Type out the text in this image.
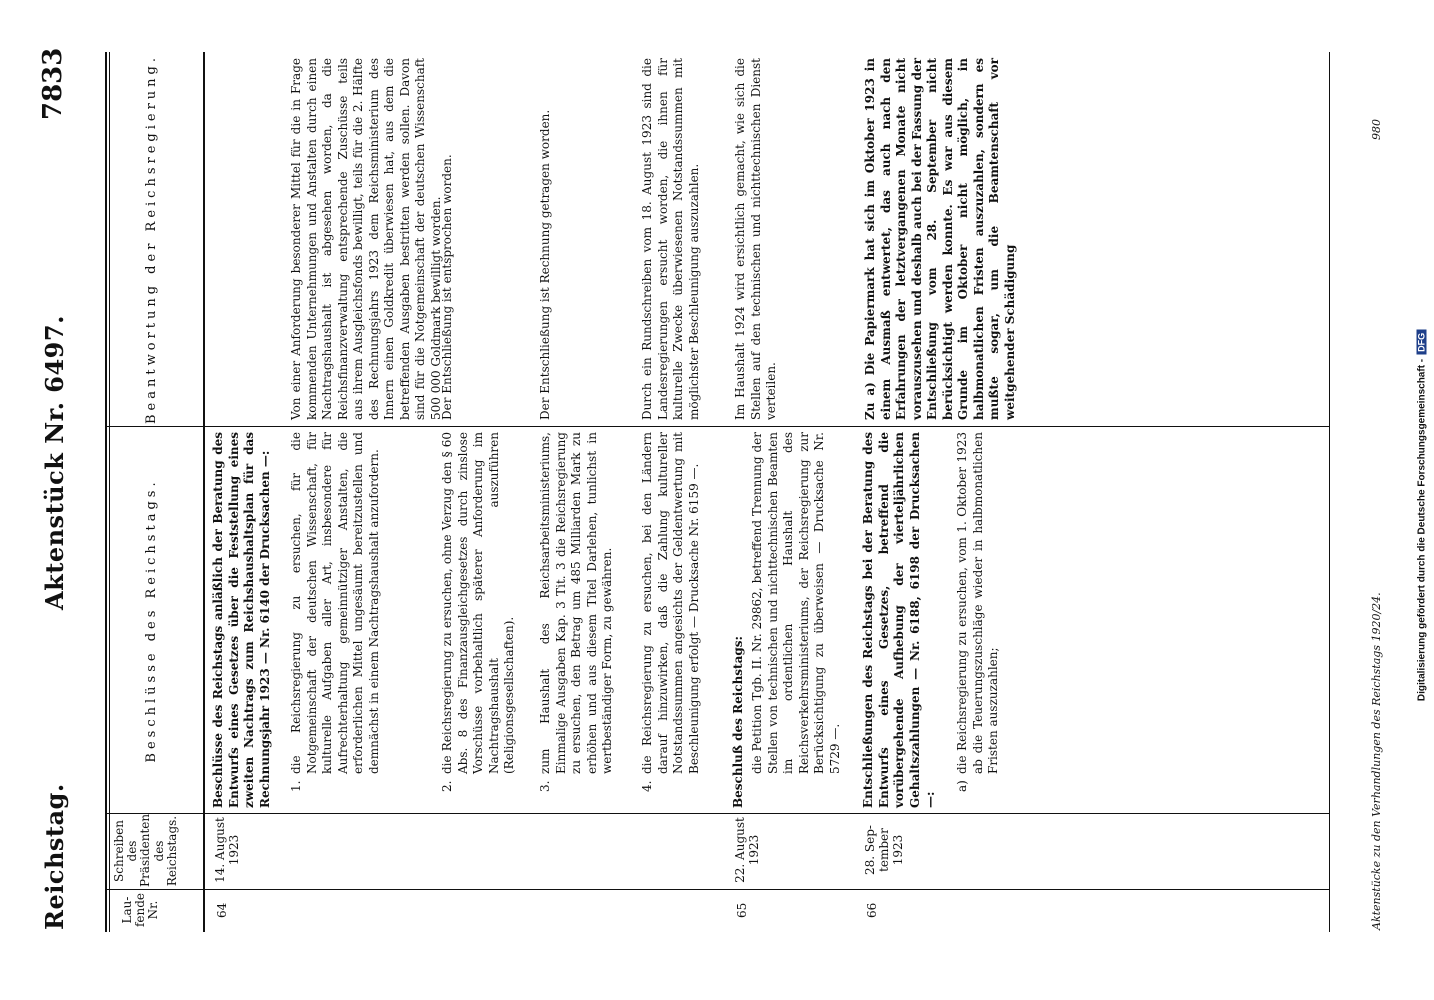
Reichstag.
Aktenstück Nr. 6497.
7833
Lau-
fende
Nr.
Schreiben
des
Präsidenten
des
Reichstags.
Beschlüsse des Reichstags.
Beantwortung der Reichsregierung.
64
14. August
1923
Beschlüsse des Reichstags anläßlich der Beratung des Entwurfs eines Gesetzes über die Feststellung eines zweiten Nachtrags zum Reichshaushaltsplan für das Rechnungsjahr 1923 — Nr. 6140 der Drucksachen —: 1.
die Reichsregierung zu ersuchen, für die Notgemeinschaft der deutschen Wissenschaft, für kulturelle Aufgaben aller Art, insbesondere für Aufrechterhaltung gemeinnütziger Anstalten, die erforderlichen Mittel ungesäumt bereitzustellen und demnächst in einem Nachtragshaushalt anzufordern.
Von einer Anforderung besonderer Mittel für die in Frage kommenden Unternehmungen und Anstalten durch einen Nachtragshaushalt ist abgesehen worden, da die Reichsfinanzverwaltung entsprechende Zuschüsse teils aus ihrem Ausgleichsfonds bewilligt, teils für die 2. Hälfte des Rechnungsjahrs 1923 dem Reichsministerium des Innern einen Goldkredit überwiesen hat, aus dem die betreffenden Ausgaben bestritten werden sollen. Davon sind für die Notgemeinschaft der deutschen Wissenschaft 500 000 Goldmark bewilligt worden.
2.
die Reichsregierung zu ersuchen, ohne Verzug den § 60 Abs. 8 des Finanzausgleichgesetzes durch zinslose Vorschüsse vorbehaltlich späterer Anforderung im Nachtragshaushalt auszuführen (Religionsgesellschaften).
Der Entschließung ist entsprochen worden.
3.
zum Haushalt des Reichsarbeitsministeriums, Einmalige Ausgaben Kap. 3 Tit. 3 die Reichsregierung zu ersuchen, den Betrag um 485 Milliarden Mark zu erhöhen und aus diesem Titel Darlehen, tunlichst in wertbeständiger Form, zu gewähren.
Der Entschließung ist Rechnung getragen worden.
4.
die Reichsregierung zu ersuchen, bei den Ländern darauf hinzuwirken, daß die Zahlung kultureller Notstandssummen angesichts der Geldentwertung mit Beschleunigung erfolgt — Drucksache Nr. 6159 —.
Durch ein Rundschreiben vom 18. August 1923 sind die Landesregierungen ersucht worden, die ihnen für kulturelle Zwecke überwiesenen Notstandssummen mit möglichster Beschleunigung auszuzahlen.
65
22. August
1923
Beschluß des Reichstags: die Petition Tgb. II. Nr. 29862, betreffend Trennung der Stellen von technischen und nichttechnischen Beamten im ordentlichen Haushalt des Reichsverkehrsministeriums, der Reichsregierung zur Berücksichtigung zu überweisen — Drucksache Nr. 5729 —.
Im Haushalt 1924 wird ersichtlich gemacht, wie sich die Stellen auf den technischen und nichttechnischen Dienst verteilen.
66
28. Sep-
tember 1923
Entschließungen des Reichstags bei der Beratung des Entwurfs eines Gesetzes, betreffend die vorübergehende Aufhebung der vierteljährlichen Gehaltszahlungen — Nr. 6188, 6198 der Drucksachen —:
a)
die Reichsregierung zu ersuchen, vom 1. Oktober 1923 ab die Teuerungszuschläge wieder in halbmonatlichen Fristen auszuzahlen;
Zu a) Die Papiermark hat sich im Oktober 1923 in einem Ausmaß entwertet, das auch nach den Erfahrungen der letztvergangenen Monate nicht vorauszusehen und deshalb auch bei der Fassung der Entschließung vom 28. September nicht berücksichtigt werden konnte. Es war aus diesem Grunde im Oktober nicht möglich, in halbmonatlichen Fristen auszuzahlen, sondern es mußte sogar, um die Beamtenschaft vor weitgehender Schädigung
Aktenstücke zu den Verhandlungen des Reichstags 1920/24.
980
Digitalisierung gefördert durch die Deutsche Forschungsgemeinschaft -DFG
